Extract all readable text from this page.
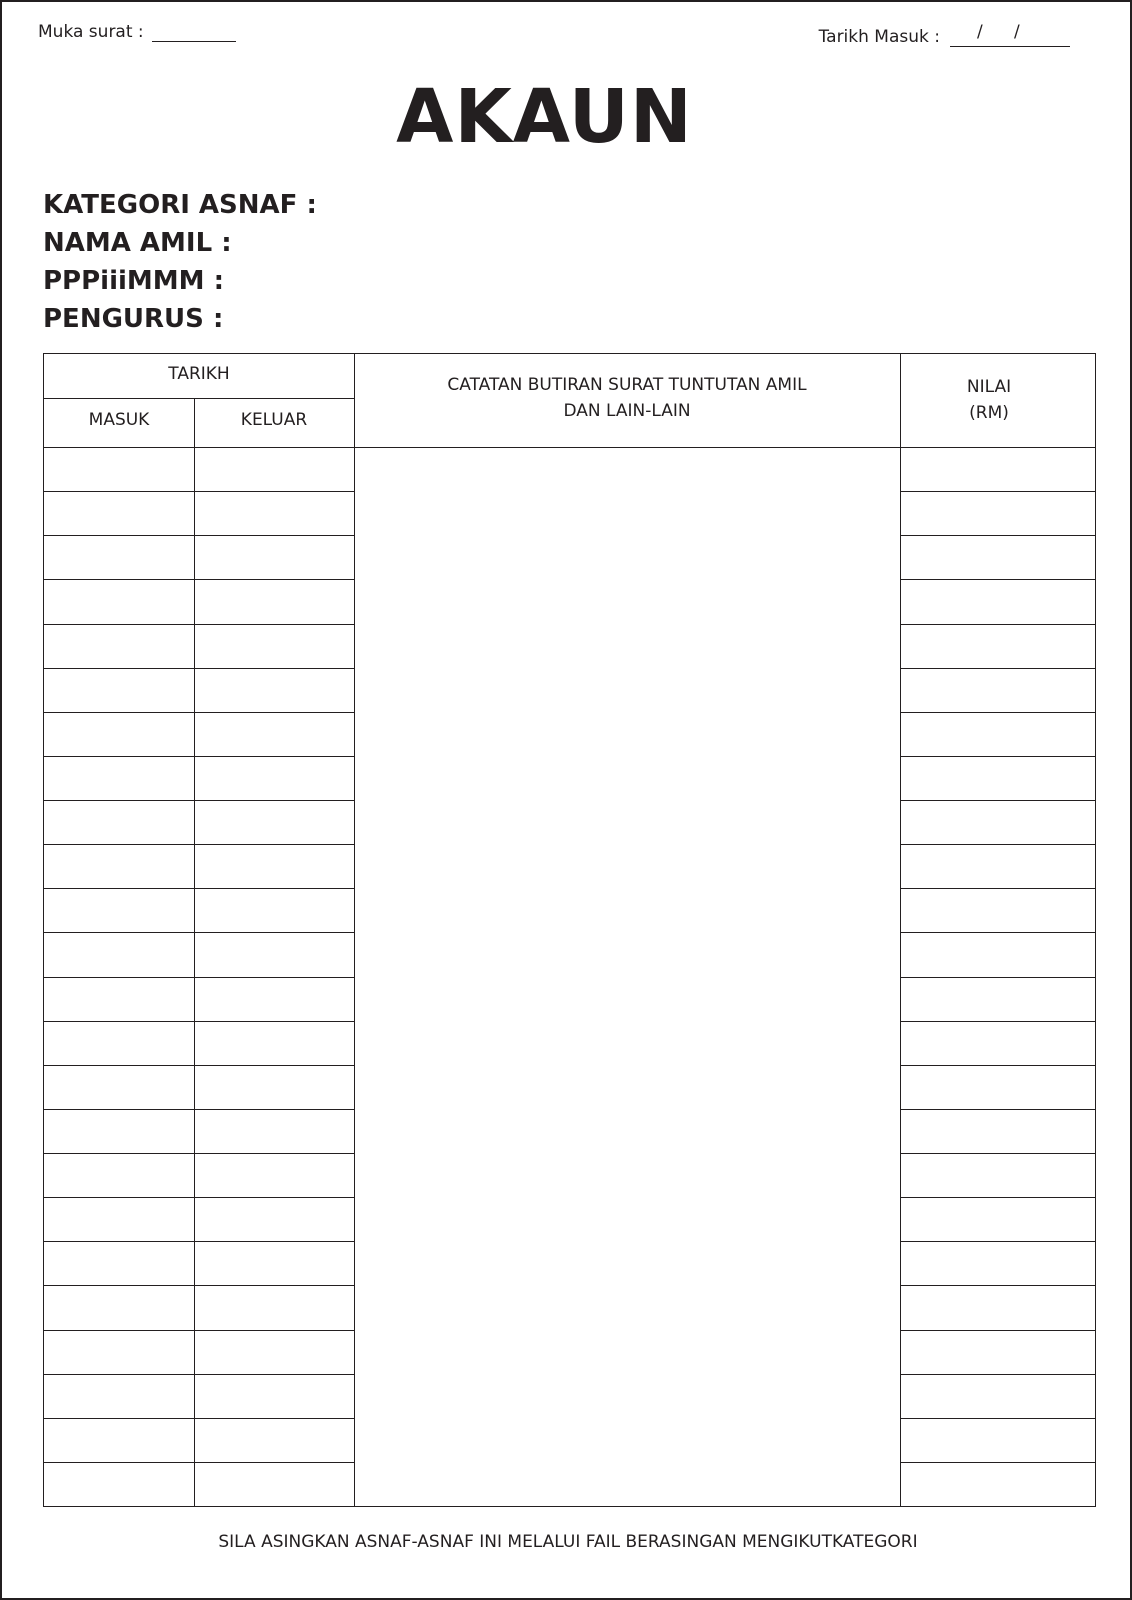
Muka surat :	Tarikh Masuk : / /
AKAUN
KATEGORI ASNAF :
NAMA AMIL :
PPPiiiMMM :
PENGURUS :
TARIKH
MASUK	KELUAR
CATATAN BUTIRAN SURAT TUNTUTAN AMIL
DAN LAIN-LAIN
NILAI
(RM)
SILA ASINGKAN ASNAF-ASNAF INI MELALUI FAIL BERASINGAN MENGIKUTKATEGORI
